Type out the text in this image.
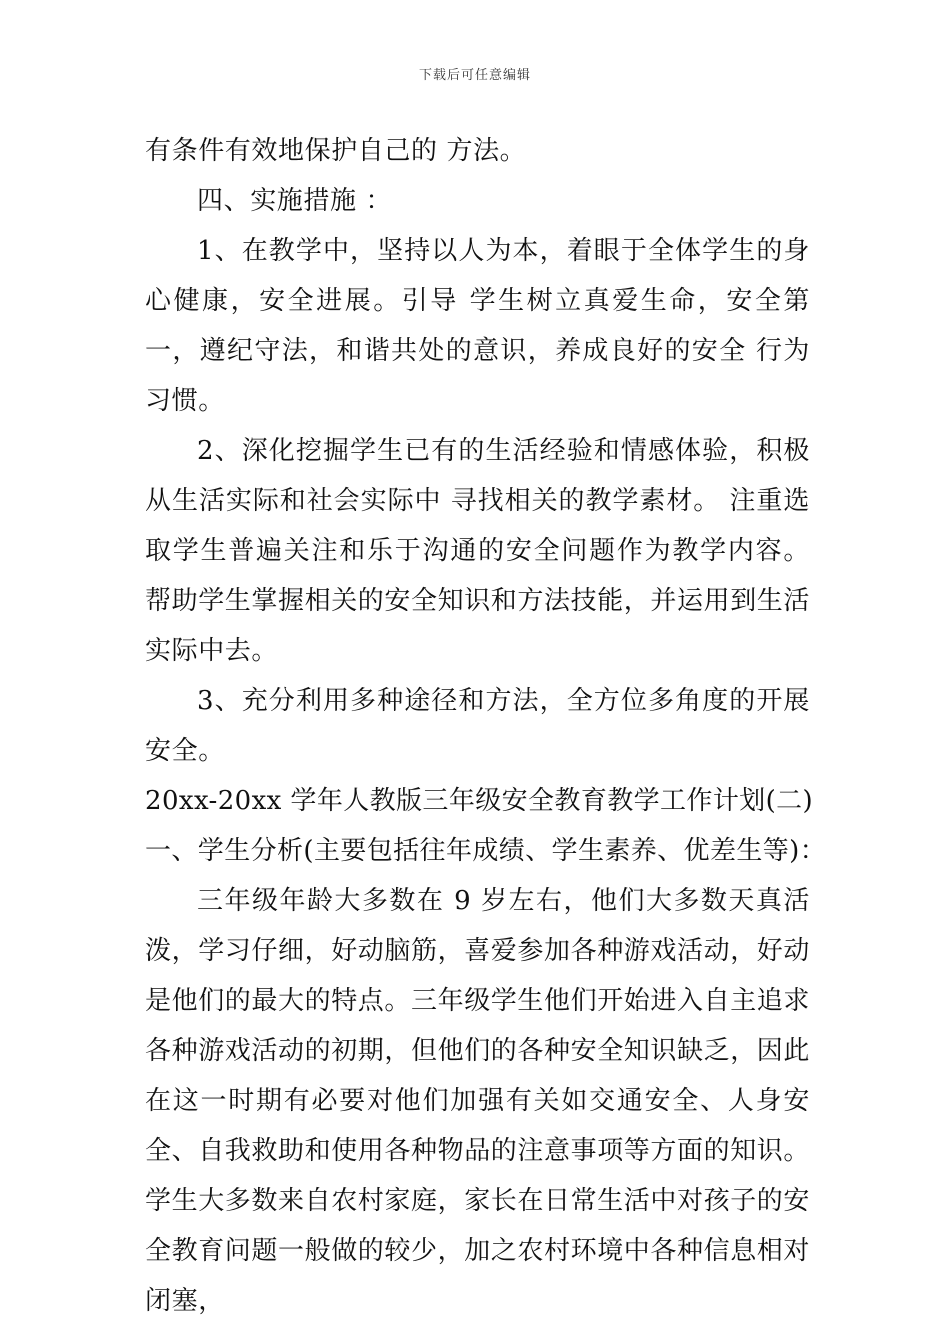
下载后可任意编辑

有条件有效地保护自己的 方法。

四、实施措施 ：

1、在教学中，坚持以人为本，着眼于全体学生的身心健康，安全进展。引导 学生树立真爱生命，安全第一，遵纪守法，和谐共处的意识，养成良好的安全 行为习惯。

2、深化挖掘学生已有的生活经验和情感体验，积极从生活实际和社会实际中 寻找相关的教学素材。 注重选取学生普遍关注和乐于沟通的安全问题作为教学内容。 帮助学生掌握相关的安全知识和方法技能，并运用到生活实际中去。

3、充分利用多种途径和方法，全方位多角度的开展安全。

20xx-20xx 学年人教版三年级安全教育教学工作计划(二)

一、学生分析(主要包括往年成绩、学生素养、优差生等)：

三年级年龄大多数在 9 岁左右，他们大多数天真活泼，学习仔细，好动脑筋，喜爱参加各种游戏活动，好动是他们的最大的特点。三年级学生他们开始进入自主追求各种游戏活动的初期，但他们的各种安全知识缺乏，因此在这一时期有必要对他们加强有关如交通安全、人身安全、自我救助和使用各种物品的注意事项等方面的知识。学生大多数来自农村家庭，家长在日常生活中对孩子的安全教育问题一般做的较少，加之农村环境中各种信息相对闭塞，
